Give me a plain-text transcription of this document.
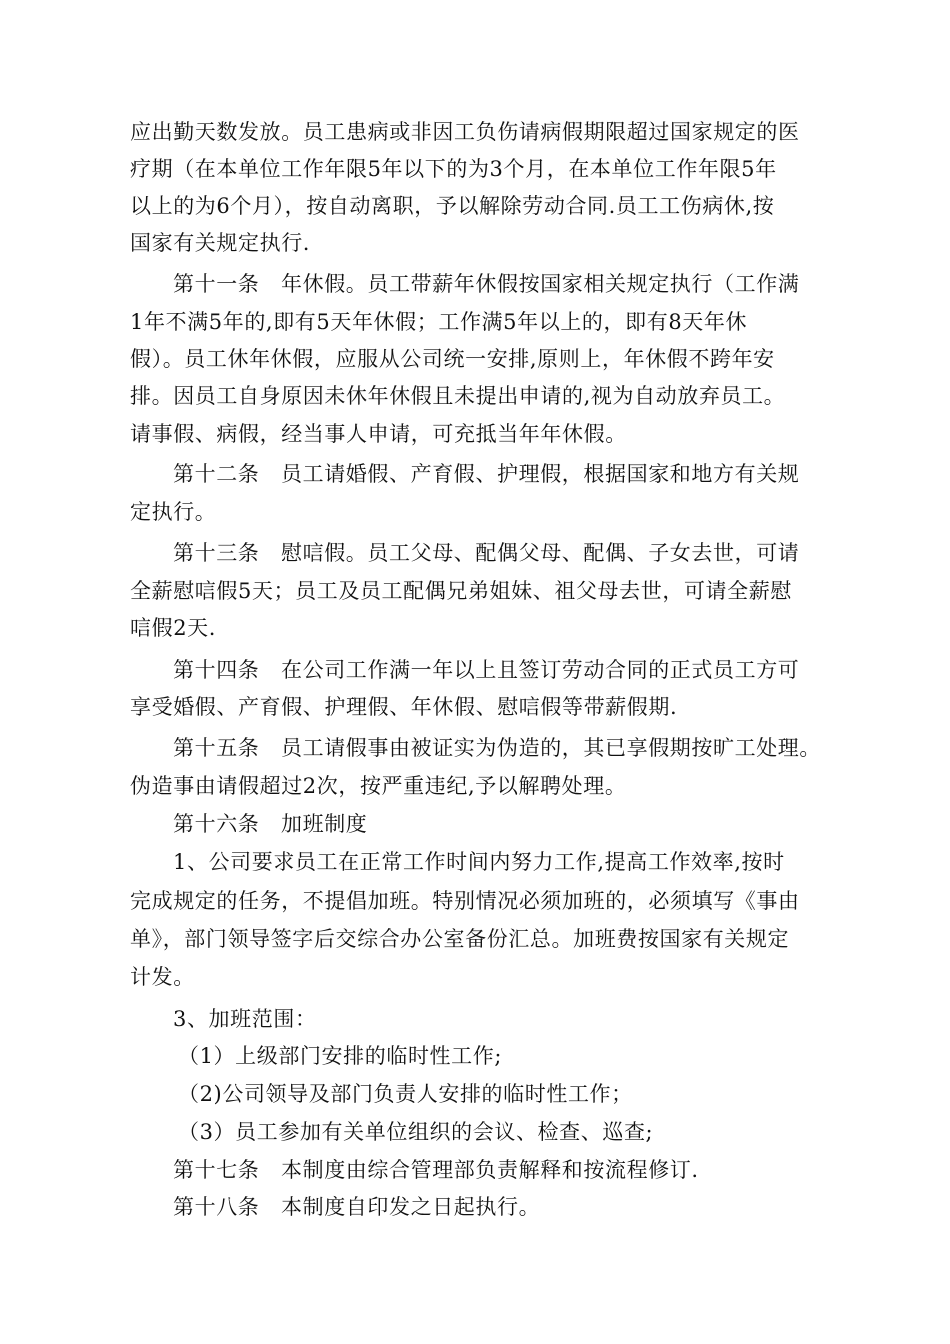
应出勤天数发放。员工患病或非因工负伤请病假期限超过国家规定的医
疗期（在本单位工作年限5年以下的为3个月，在本单位工作年限5年
以上的为6个月），按自动离职，予以解除劳动合同.员工工伤病休,按
国家有关规定执行.
第十一条　年休假。员工带薪年休假按国家相关规定执行（工作满
1年不满5年的,即有5天年休假；工作满5年以上的，即有8天年休
假）。员工休年休假，应服从公司统一安排,原则上，年休假不跨年安
排。因员工自身原因未休年休假且未提出申请的,视为自动放弃员工。
请事假、病假，经当事人申请，可充抵当年年休假。
第十二条　员工请婚假、产育假、护理假，根据国家和地方有关规
定执行。
第十三条　慰唁假。员工父母、配偶父母、配偶、子女去世，可请
全薪慰唁假5天；员工及员工配偶兄弟姐妹、祖父母去世，可请全薪慰
唁假2天.
第十四条　在公司工作满一年以上且签订劳动合同的正式员工方可
享受婚假、产育假、护理假、年休假、慰唁假等带薪假期.
第十五条　员工请假事由被证实为伪造的，其已享假期按旷工处理。
伪造事由请假超过2次，按严重违纪,予以解聘处理。
第十六条　加班制度
1、公司要求员工在正常工作时间内努力工作,提高工作效率,按时
完成规定的任务，不提倡加班。特别情况必须加班的，必须填写《事由
单》，部门领导签字后交综合办公室备份汇总。加班费按国家有关规定
计发。
3、加班范围：
（1）上级部门安排的临时性工作;
（2)公司领导及部门负责人安排的临时性工作；
（3）员工参加有关单位组织的会议、检查、巡查;
第十七条　本制度由综合管理部负责解释和按流程修订.
第十八条　本制度自印发之日起执行。
